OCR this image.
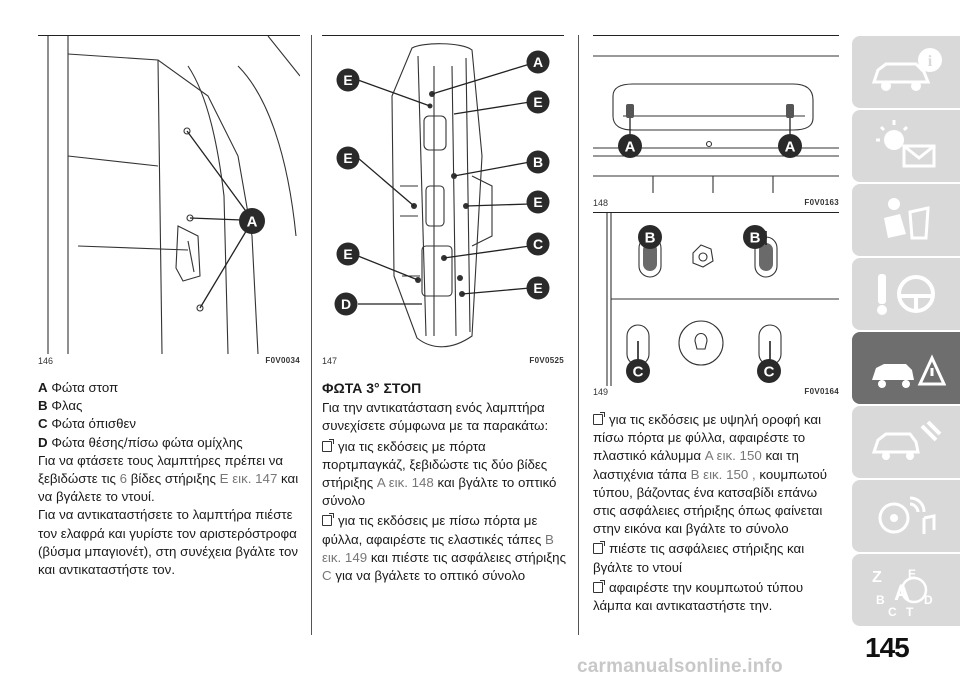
A
146	F0V0034
A
E
B
E
C
E
E
E
E
D
147	F0V0525
A	A
148	F0V0163
B	B
C	C
149	F0V0164

A Φώτα στοπ

B Φλας

C Φώτα όπισθεν

D Φώτα θέσης/πίσω φώτα ομίχλης

Για να φτάσετε τους λαμπτήρες πρέπει να ξεβιδώστε τις 6 βίδες στήριξης E εικ. 147 και να βγάλετε το ντουί.

Για να αντικαταστήσετε το λαμπτήρα πιέστε τον ελαφρά και γυρίστε τον αριστερόστροφα (βύσμα μπαγιονέτ), στη συνέχεια βγάλτε τον και αντικαταστήστε τον.

ΦΩΤΑ 3° ΣΤΟΠ

Για την αντικατάσταση ενός λαμπτήρα συνεχίσετε σύμφωνα με τα παρακάτω:

για τις εκδόσεις με πόρτα πορτμπαγκάζ, ξεβιδώστε τις δύο βίδες στήριξης A εικ. 148 και βγάλτε το οπτικό σύνολο

για τις εκδόσεις με πίσω πόρτα με φύλλα, αφαιρέστε τις ελαστικές τάπες B εικ. 149 και πιέστε τις ασφάλειες στήριξης C για να βγάλετε το οπτικό σύνολο

για τις εκδόσεις με υψηλή οροφή και πίσω πόρτα με φύλλα, αφαιρέστε το πλαστικό κάλυμμα A εικ. 150 και τη λαστιχένια τάπα B εικ. 150 , κουμπωτού τύπου, βάζοντας ένα κατσαβίδι επάνω στις ασφάλειες στήριξης όπως φαίνεται στην εικόνα και βγάλτε το σύνολο

πιέστε τις ασφάλειες στήριξης και βγάλτε το ντουί

αφαιρέστε την κουμπωτού τύπου λάμπα και αντικαταστήστε την.

i
Z E
B A D
C T
145
carmanualsonline.info
